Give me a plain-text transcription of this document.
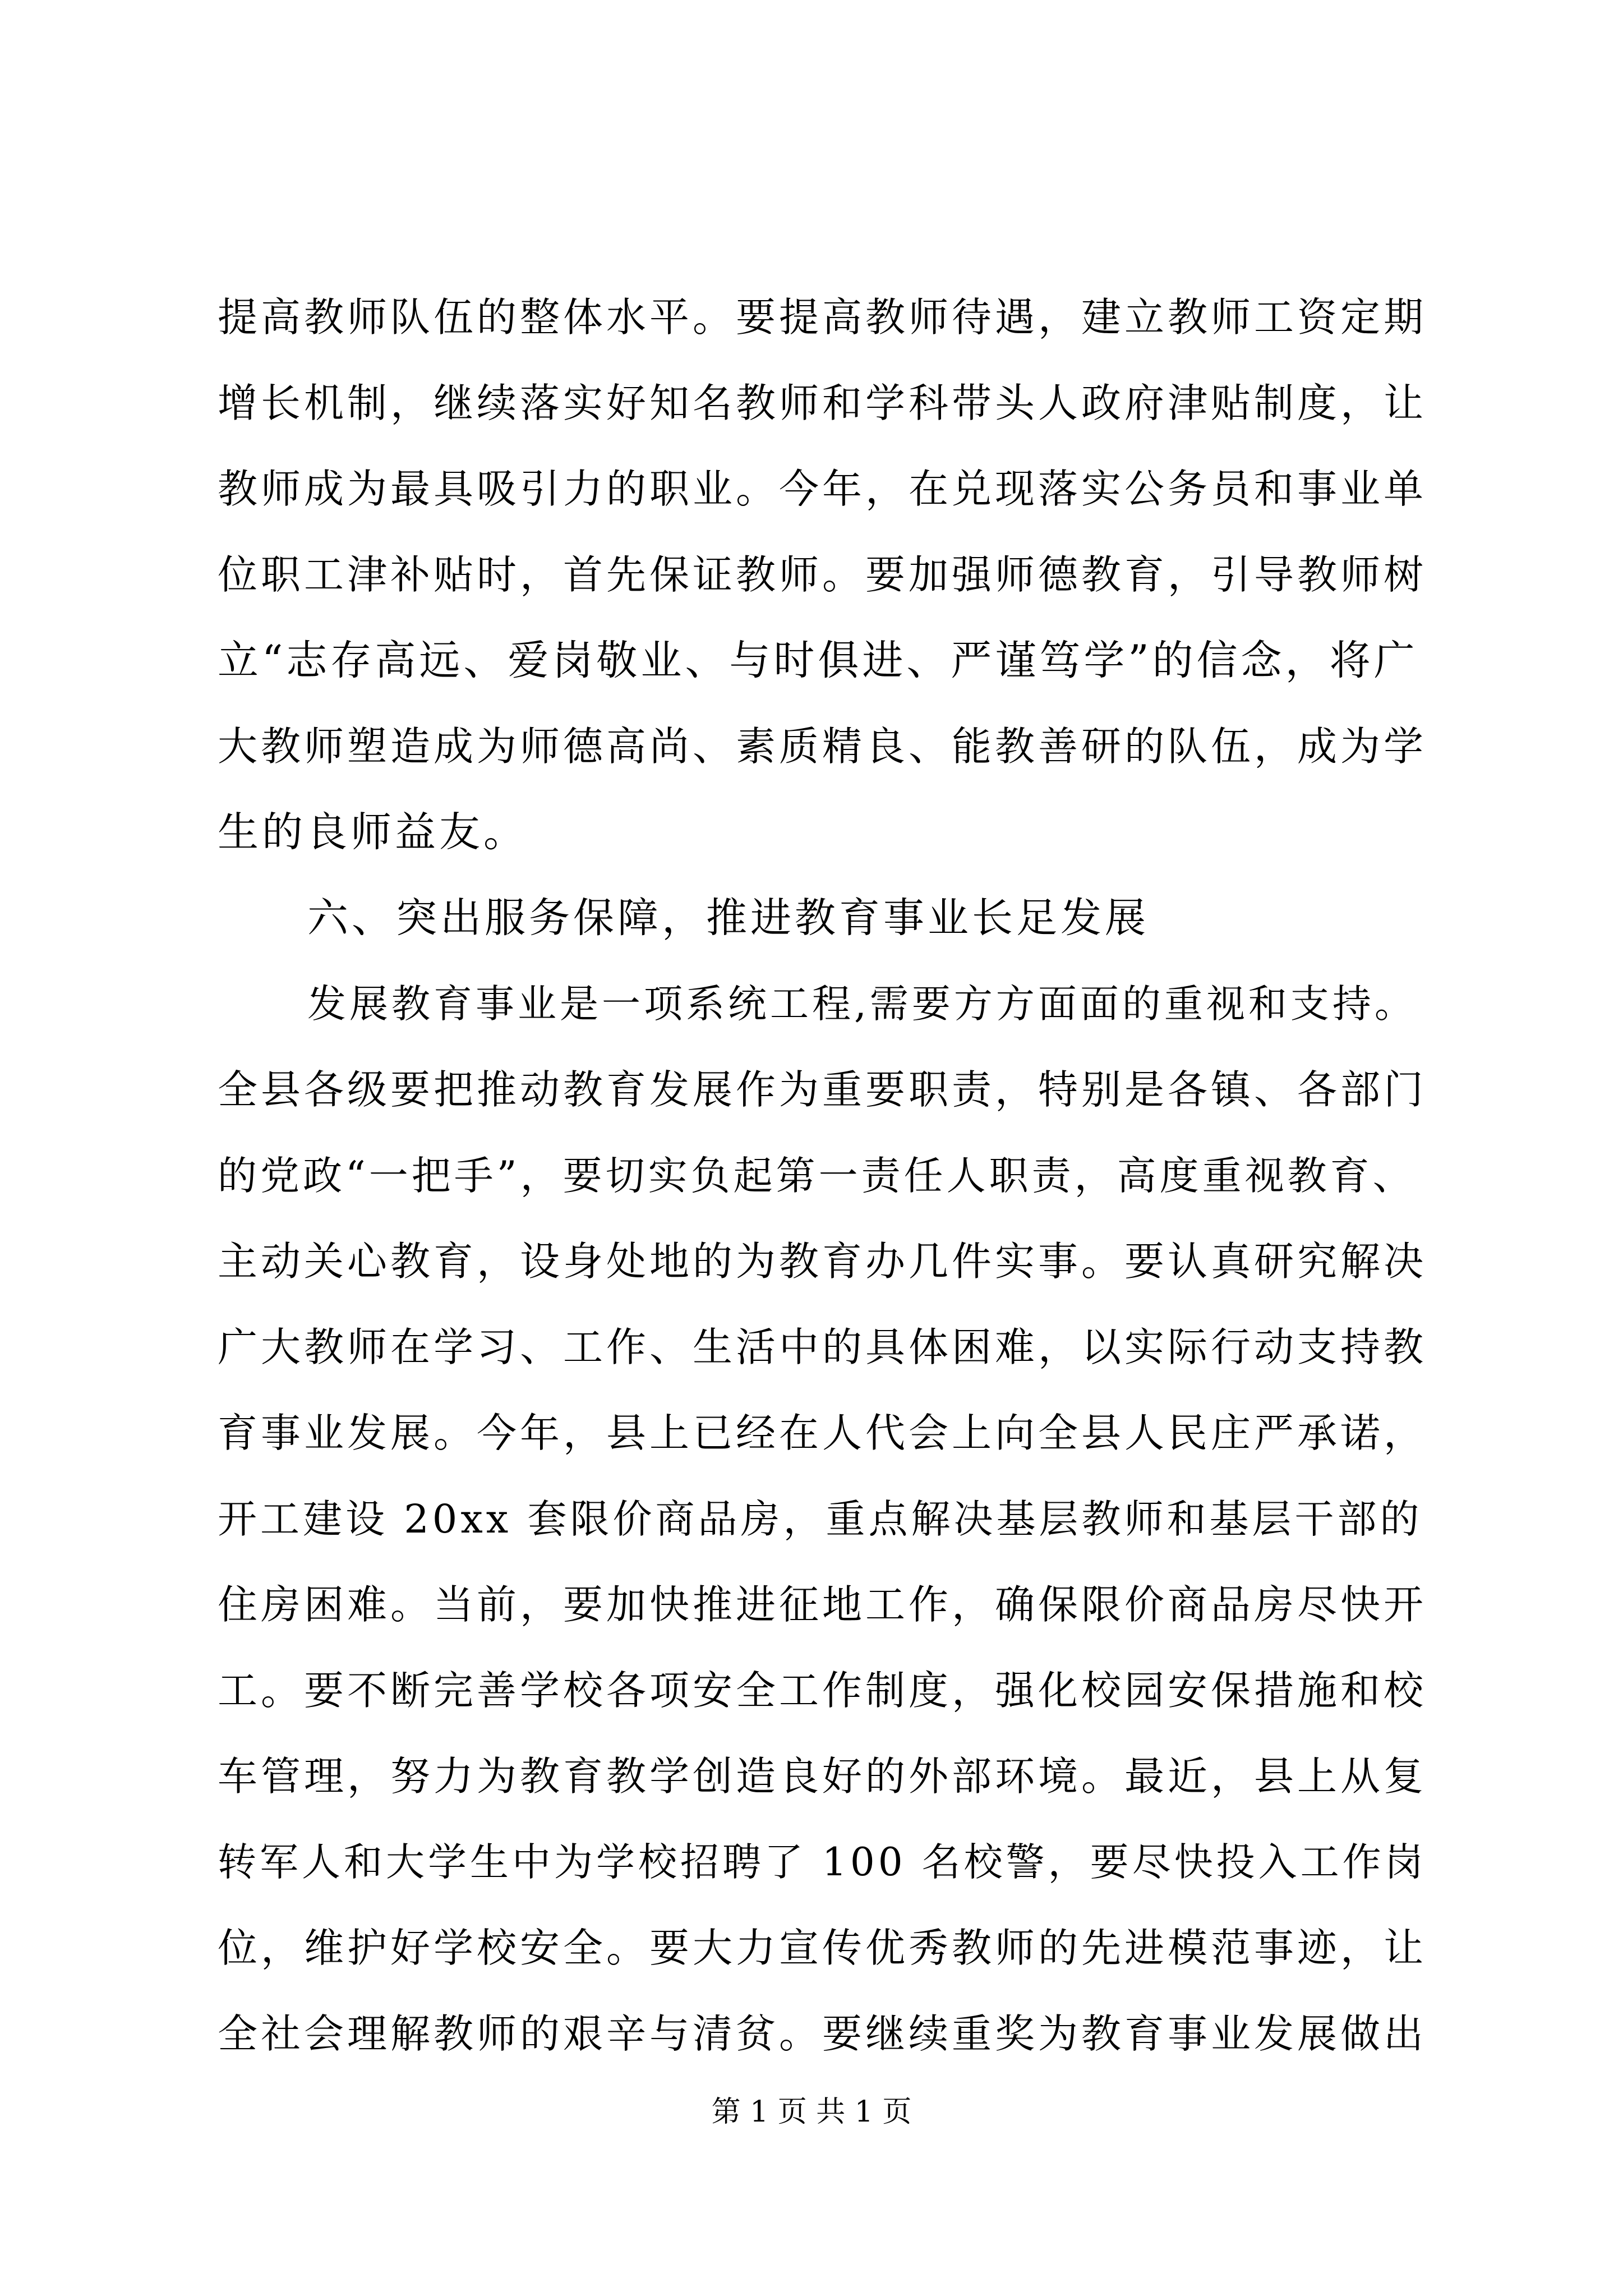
提高教师队伍的整体水平。要提高教师待遇，建立教师工资定期
增长机制，继续落实好知名教师和学科带头人政府津贴制度，让
教师成为最具吸引力的职业。今年，在兑现落实公务员和事业单
位职工津补贴时，首先保证教师。要加强师德教育，引导教师树
立“志存高远、爱岗敬业、与时俱进、严谨笃学”的信念，将广
大教师塑造成为师德高尚、素质精良、能教善研的队伍，成为学
生的良师益友。
六、突出服务保障，推进教育事业长足发展
发展教育事业是一项系统工程,需要方方面面的重视和支持。
全县各级要把推动教育发展作为重要职责，特别是各镇、各部门
的党政“一把手”，要切实负起第一责任人职责，高度重视教育、
主动关心教育，设身处地的为教育办几件实事。要认真研究解决
广大教师在学习、工作、生活中的具体困难，以实际行动支持教
育事业发展。今年，县上已经在人代会上向全县人民庄严承诺，
开工建设 20xx 套限价商品房，重点解决基层教师和基层干部的
住房困难。当前，要加快推进征地工作，确保限价商品房尽快开
工。要不断完善学校各项安全工作制度，强化校园安保措施和校
车管理，努力为教育教学创造良好的外部环境。最近，县上从复
转军人和大学生中为学校招聘了 100 名校警，要尽快投入工作岗
位，维护好学校安全。要大力宣传优秀教师的先进模范事迹，让
全社会理解教师的艰辛与清贫。要继续重奖为教育事业发展做出
第 1 页 共 1 页
